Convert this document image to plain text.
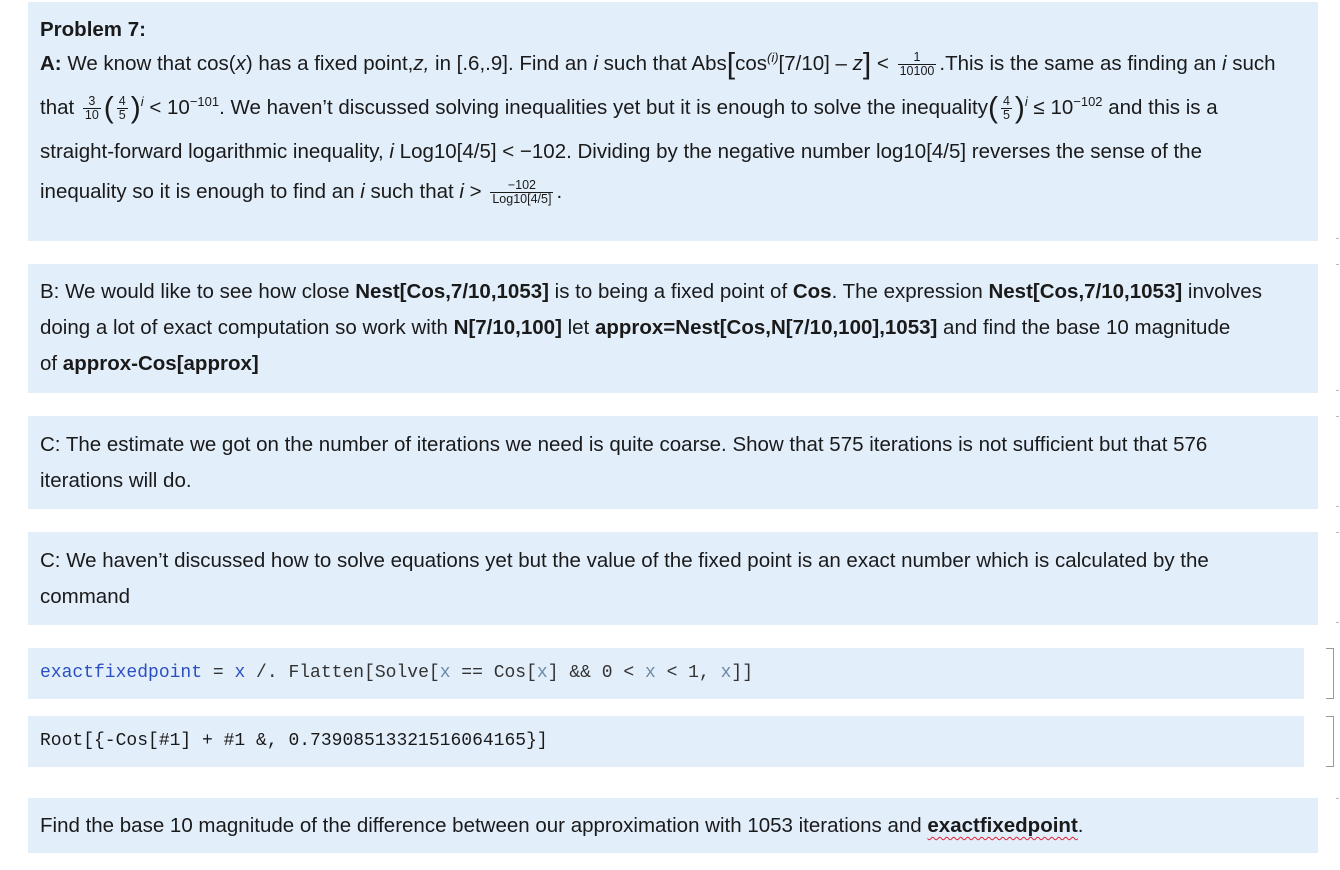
Problem 7:
A: We know that cos(x) has a fixed point,z, in [.6,.9]. Find an i such that $Abs[\cos^{(i)}[7/10] - z] < \frac{1}{10100}$ .This is the same as finding an i such
that $\frac{3}{10}$ ( $\frac{4}{5} )^i < 10^{-101}$. We haven’t discussed solving inequalities yet but it is enough to solve the inequality( $\frac{4}{5} )^i \le 10^{-102}$ and this is a
straight-forward logarithmic inequality, i Log10[4/5] < −102. Dividing by the negative number log10[4/5] reverses the sense of the
inequality so it is enough to find an i such that $i > \frac{-102}{\text{Log10[4/5]}}$ .
B: We would like to see how close Nest[Cos,7/10,1053] is to being a fixed point of Cos. The expression Nest[Cos,7/10,1053] involves
doing a lot of exact computation so work with N[7/10,100] let approx=Nest[Cos,N[7/10,100],1053] and find the base 10 magnitude
of approx-Cos[approx]
C: The estimate we got on the number of iterations we need is quite coarse. Show that 575 iterations is not sufficient but that 576
iterations will do.
C: We haven’t discussed how to solve equations yet but the value of the fixed point is an exact number which is calculated by the
command
exactfixedpoint = x /. Flatten[Solve[x == Cos[x] && 0 < x < 1, x]]
Root[{-Cos[#1] + #1 &, 0.73908513321516064165}]
Find the base 10 magnitude of the difference between our approximation with 1053 iterations and exactfixedpoint.
